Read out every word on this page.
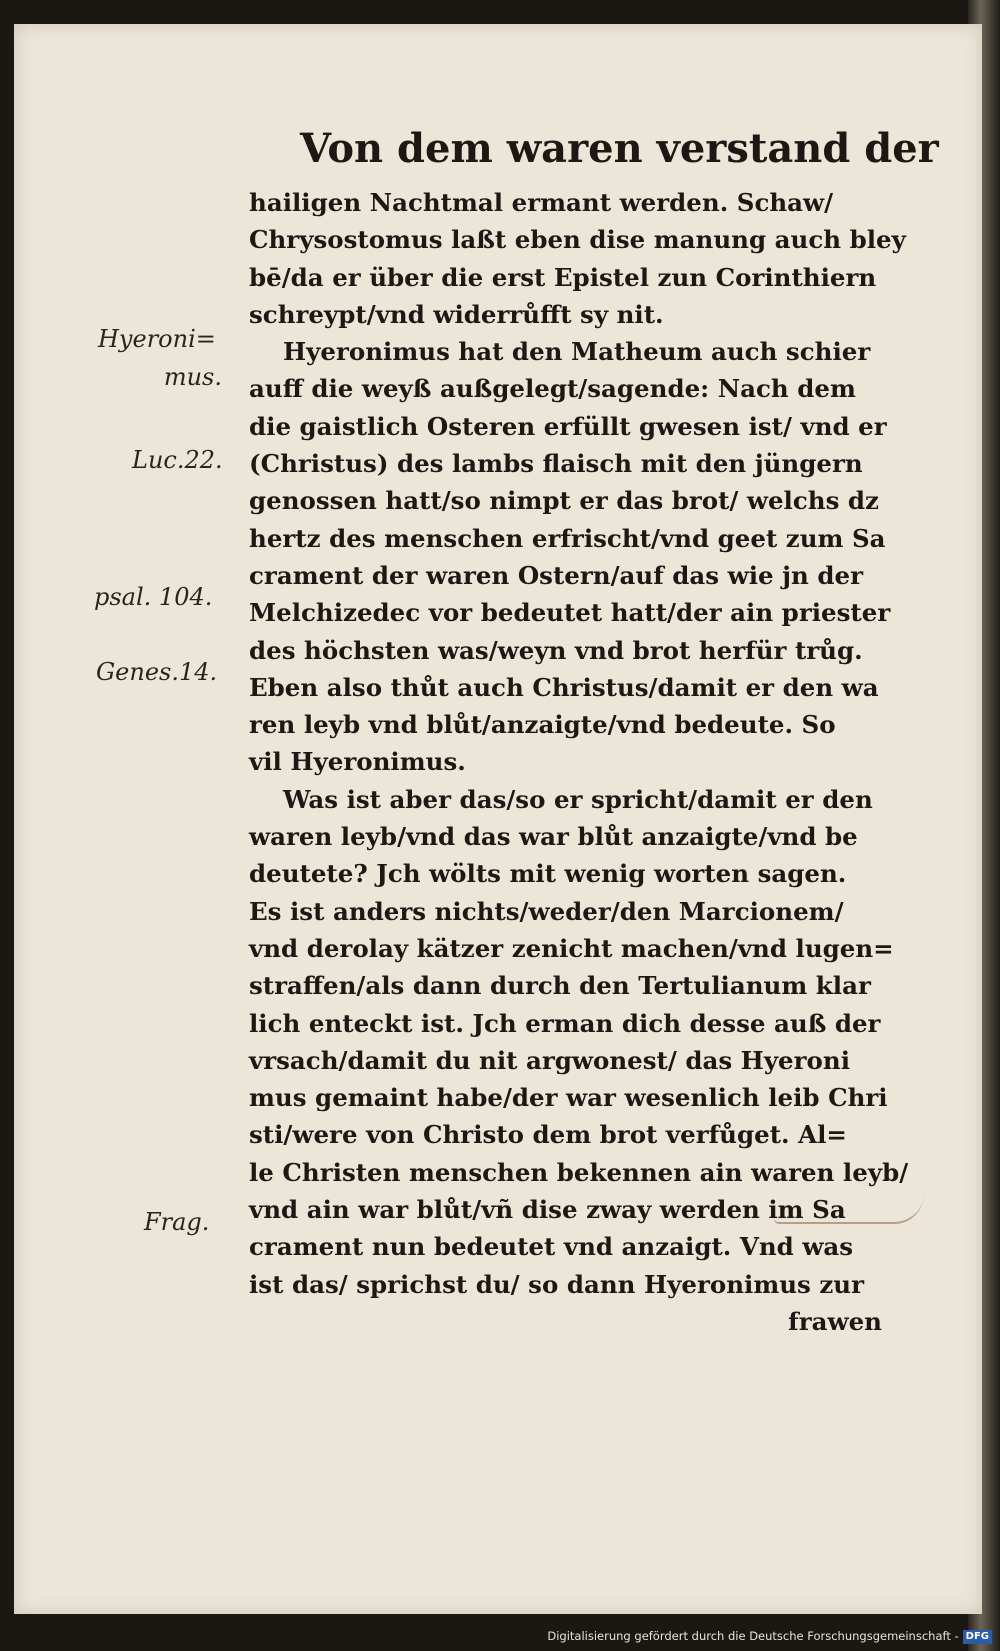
Von dem waren verstand der
hailigen Nachtmal ermant werden. Schaw/
Chrysostomus laßt eben dise manung auch bley
bē/da er über die erst Epistel zun Corinthiern
schreypt/vnd widerrůfft sy nit.
Hyeronimus hat den Matheum auch schier
auff die weyß außgelegt/sagende: Nach dem
die gaistlich Osteren erfüllt gwesen ist/ vnd er
(Christus) des lambs flaisch mit den jüngern
genossen hatt/so nimpt er das brot/ welchs dz
hertz des menschen erfrischt/vnd geet zum Sa
crament der waren Ostern/auf das wie jn der
Melchizedec vor bedeutet hatt/der ain priester
des höchsten was/weyn vnd brot herfür trůg.
Eben also thůt auch Christus/damit er den wa
ren leyb vnd blůt/anzaigte/vnd bedeute. So
vil Hyeronimus.
Was ist aber das/so er spricht/damit er den
waren leyb/vnd das war blůt anzaigte/vnd be
deutete? Jch wölts mit wenig worten sagen.
Es ist anders nichts/weder/den Marcionem/
vnd derolay kätzer zenicht machen/vnd lugen=
straffen/als dann durch den Tertulianum klar
lich enteckt ist. Jch erman dich desse auß der
vrsach/damit du nit argwonest/ das Hyeroni
mus gemaint habe/der war wesenlich leib Chri
sti/were von Christo dem brot verfůget. Al=
le Christen menschen bekennen ain waren leyb/
vnd ain war blůt/vñ dise zway werden im Sa
crament nun bedeutet vnd anzaigt. Vnd was
ist das/ sprichst du/ so dann Hyeronimus zur
frawen
Hyeroni=
mus.
Luc.22.
psal. 104.
Genes.14.
Frag.
Digitalisierung gefördert durch die Deutsche Forschungsgemeinschaft - DFG
